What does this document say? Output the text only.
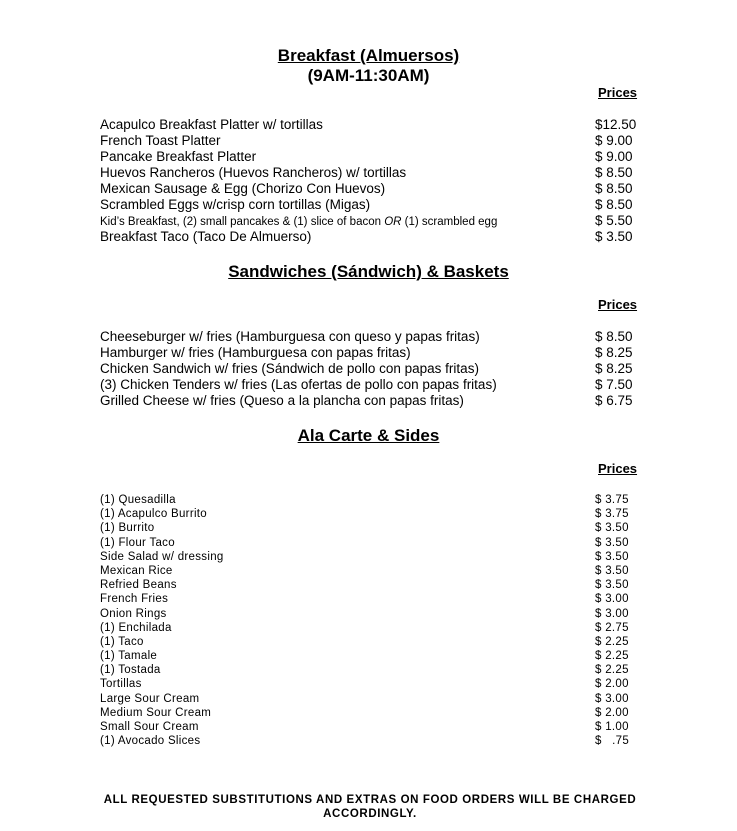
Breakfast (Almuersos)
(9AM-11:30AM)
Prices
Acapulco Breakfast Platter w/ tortillas	$12.50
French Toast Platter	$ 9.00
Pancake Breakfast Platter	$ 9.00
Huevos Rancheros (Huevos Rancheros) w/ tortillas	$ 8.50
Mexican Sausage & Egg (Chorizo Con Huevos)	$ 8.50
Scrambled Eggs w/crisp corn tortillas (Migas)	$ 8.50
Kid’s Breakfast, (2) small pancakes & (1) slice of bacon OR (1) scrambled egg	$ 5.50
Breakfast Taco (Taco De Almuerso)	$ 3.50
Sandwiches (Sándwich) & Baskets
Prices
Cheeseburger w/ fries (Hamburguesa con queso y papas fritas)	$ 8.50
Hamburger w/ fries (Hamburguesa con papas fritas)	$ 8.25
Chicken Sandwich w/ fries (Sándwich de pollo con papas fritas)	$ 8.25
(3) Chicken Tenders w/ fries (Las ofertas de pollo con papas fritas)	$ 7.50
Grilled Cheese w/ fries (Queso a la plancha con papas fritas)	$ 6.75
Ala Carte & Sides
Prices
(1) Quesadilla	$ 3.75
(1) Acapulco Burrito	$ 3.75
(1) Burrito	$ 3.50
(1) Flour Taco	$ 3.50
Side Salad w/ dressing	$ 3.50
Mexican Rice	$ 3.50
Refried Beans	$ 3.50
French Fries	$ 3.00
Onion Rings	$ 3.00
(1) Enchilada	$ 2.75
(1) Taco	$ 2.25
(1) Tamale	$ 2.25
(1) Tostada	$ 2.25
Tortillas	$ 2.00
Large Sour Cream	$ 3.00
Medium Sour Cream	$ 2.00
Small Sour Cream	$ 1.00
(1) Avocado Slices	$   .75
ALL REQUESTED SUBSTITUTIONS AND EXTRAS ON FOOD ORDERS WILL BE CHARGED
ACCORDINGLY.
